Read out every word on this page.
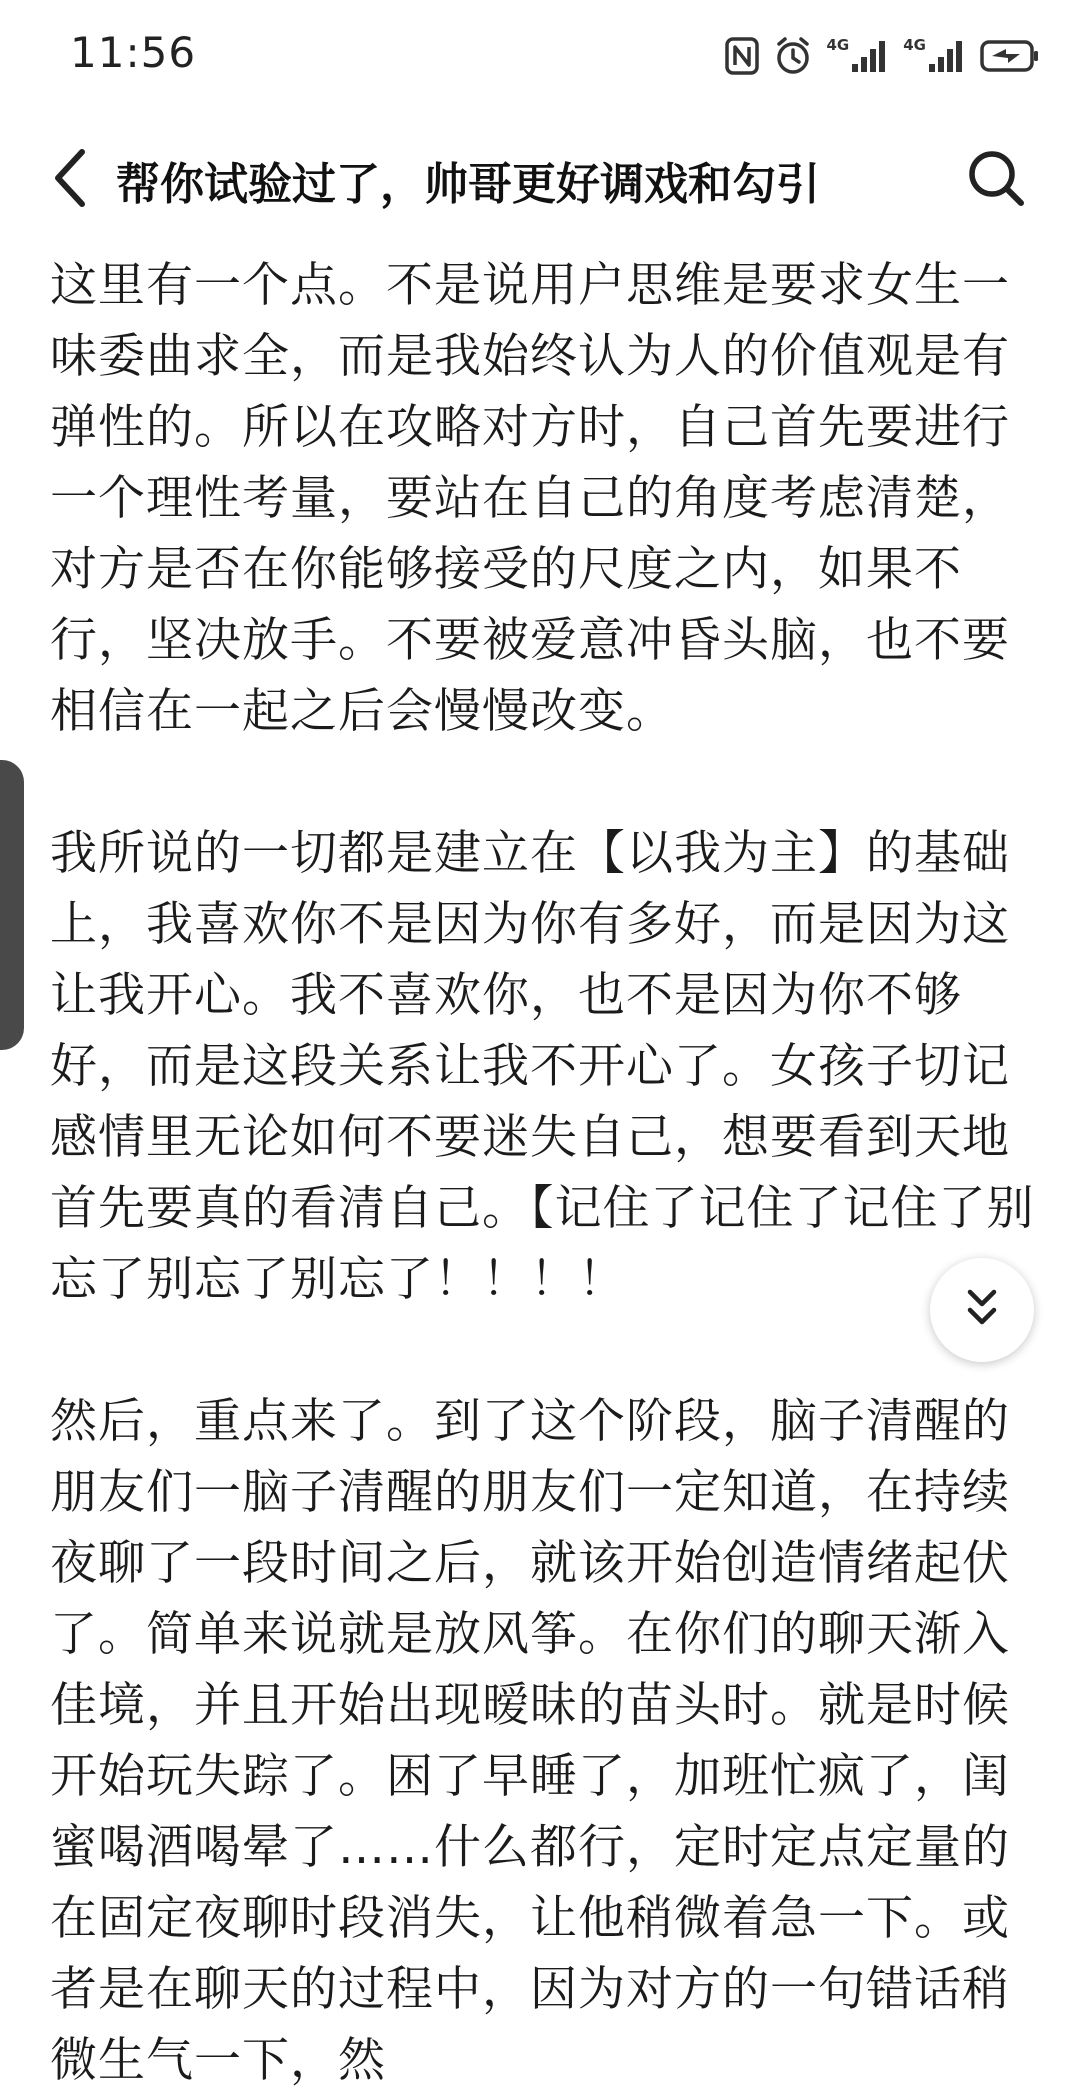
11:56	4G	4G
帮你试验过了，帅哥更好调戏和勾引

这里有一个点。不是说用户思维是要求女生一味委曲求全，而是我始终认为人的价值观是有弹性的。所以在攻略对方时，自己首先要进行一个理性考量，要站在自己的角度考虑清楚，对方是否在你能够接受的尺度之内，如果不行，坚决放手。不要被爱意冲昏头脑，也不要相信在一起之后会慢慢改变。

我所说的一切都是建立在【以我为主】的基础上，我喜欢你不是因为你有多好，而是因为这让我开心。我不喜欢你，也不是因为你不够好，而是这段关系让我不开心了。女孩子切记感情里无论如何不要迷失自己，想要看到天地首先要真的看清自己。【记住了记住了记住了别忘了别忘了别忘了！！！！

然后，重点来了。到了这个阶段，脑子清醒的朋友们一脑子清醒的朋友们一定知道，在持续夜聊了一段时间之后，就该开始创造情绪起伏了。简单来说就是放风筝。在你们的聊天渐入佳境，并且开始出现暧昧的苗头时。就是时候开始玩失踪了。困了早睡了，加班忙疯了，闺蜜喝酒喝晕了……什么都行，定时定点定量的在固定夜聊时段消失，让他稍微着急一下。或者是在聊天的过程中，因为对方的一句错话稍微生气一下，然
